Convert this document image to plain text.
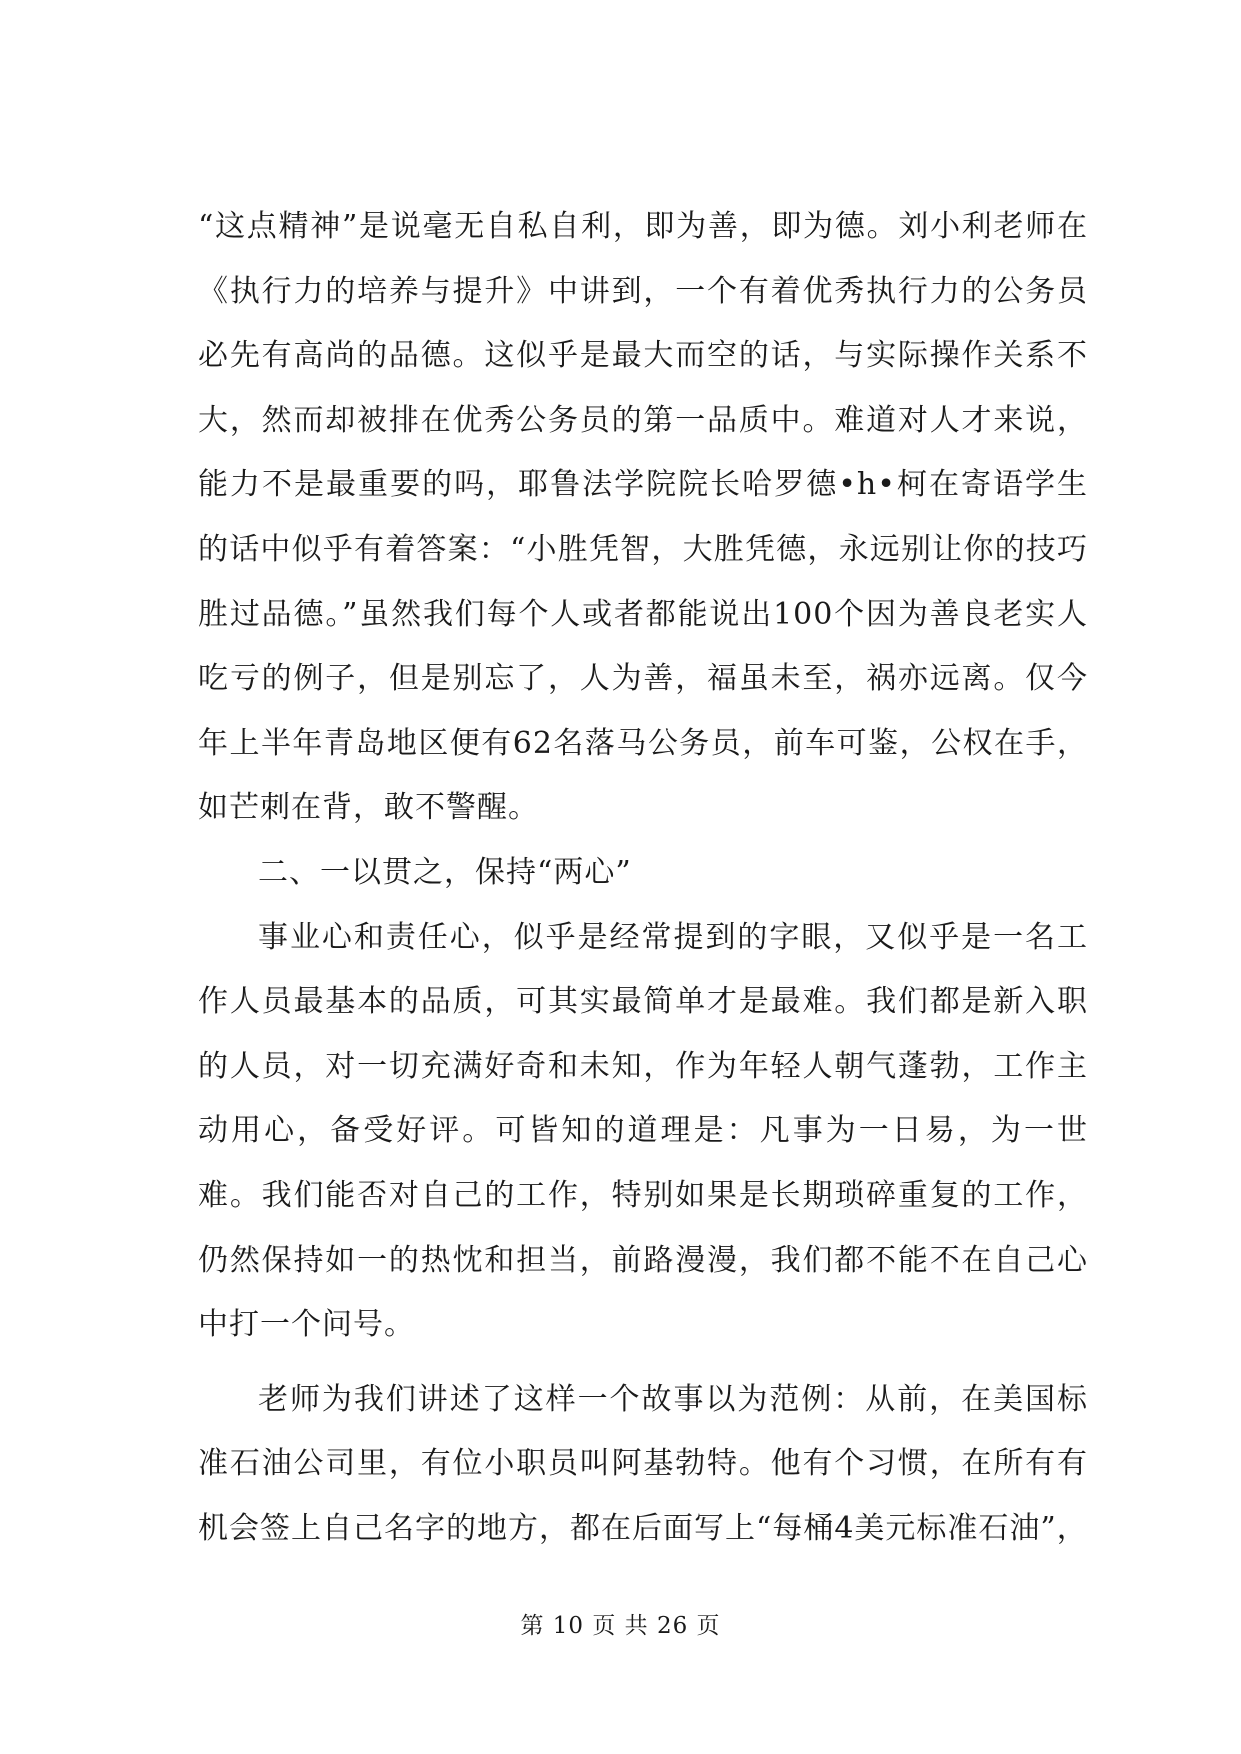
“这点精神”是说毫无自私自利，即为善，即为德。刘小利老师在《执行力的培养与提升》中讲到，一个有着优秀执行力的公务员必先有高尚的品德。这似乎是最大而空的话，与实际操作关系不大，然而却被排在优秀公务员的第一品质中。难道对人才来说，能力不是最重要的吗，耶鲁法学院院长哈罗德•h•柯在寄语学生的话中似乎有着答案：“小胜凭智，大胜凭德，永远别让你的技巧胜过品德。”虽然我们每个人或者都能说出100个因为善良老实人吃亏的例子，但是别忘了，人为善，福虽未至，祸亦远离。仅今年上半年青岛地区便有62名落马公务员，前车可鉴，公权在手，如芒刺在背，敢不警醒。

二、一以贯之，保持“两心”

事业心和责任心，似乎是经常提到的字眼，又似乎是一名工作人员最基本的品质，可其实最简单才是最难。我们都是新入职的人员，对一切充满好奇和未知，作为年轻人朝气蓬勃，工作主动用心，备受好评。可皆知的道理是：凡事为一日易，为一世难。我们能否对自己的工作，特别如果是长期琐碎重复的工作，仍然保持如一的热忱和担当，前路漫漫，我们都不能不在自己心中打一个问号。

老师为我们讲述了这样一个故事以为范例：从前，在美国标准石油公司里，有位小职员叫阿基勃特。他有个习惯，在所有有机会签上自己名字的地方，都在后面写上“每桶4美元标准石油”，

第 10 页 共 26 页
